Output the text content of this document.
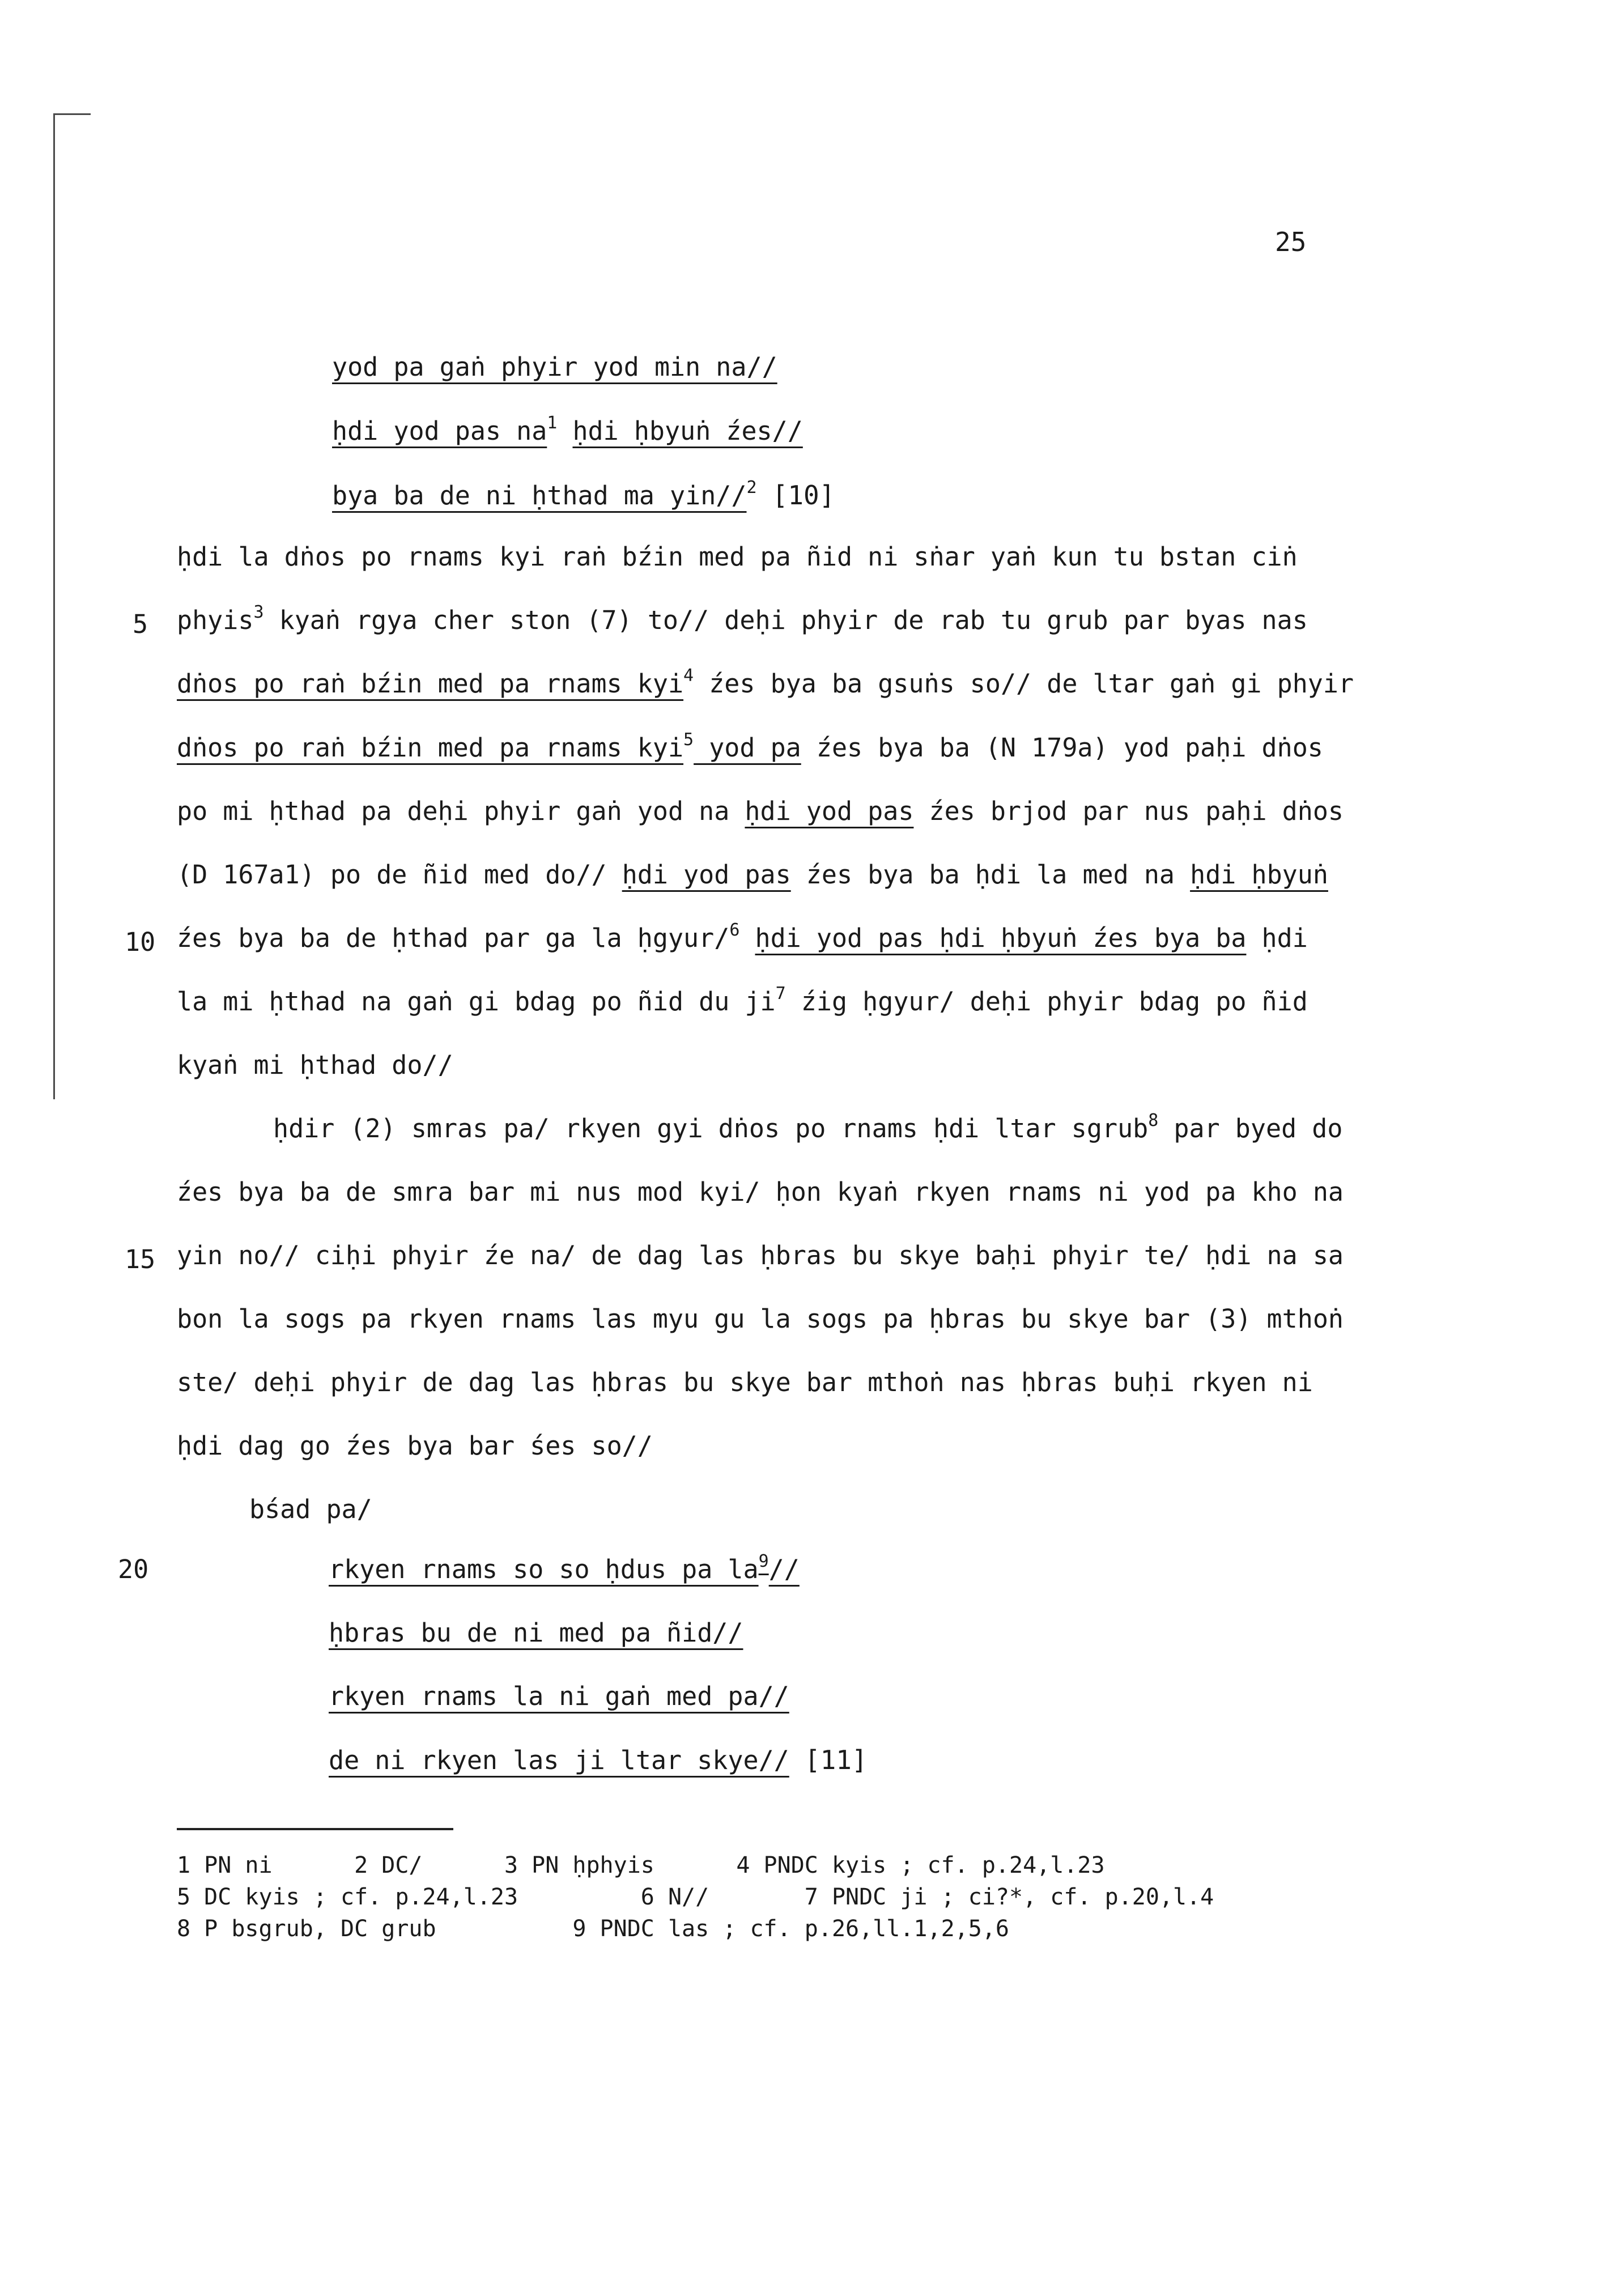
25
yod pa gaṅ phyir yod min na//
ḥdi yod pas $na^1$ ḥdi ḥbyuṅ źes//
bya ba de ni ḥthad ma yin//$^2$ [10]
ḥdi la dṅos po rnams kyi raṅ bźin med pa ñid ni sṅar yaṅ kun tu bstan ciṅ
5 phyis$^3$ kyaṅ rgya cher ston (7) to// deḥi phyir de rab tu grub par byas nas
dṅos po raṅ bźin med pa rnams kyi$^4$ źes bya ba gsuṅs so// de ltar gaṅ gi phyir
dṅos po raṅ bźin med pa rnams kyi$^5$ yod pa źes bya ba (N 179a) yod paḥi dṅos
po mi ḥthad pa deḥi phyir gaṅ yod na ḥdi yod pas źes brjod par nus paḥi dṅos
(D 167a1) po de ñid med do// ḥdi yod pas źes bya ba ḥdi la med na ḥdi ḥbyuṅ
10 źes bya ba de ḥthad par ga la ḥgyur/$^6$ ḥdi yod pas ḥdi ḥbyuṅ źes bya ba ḥdi
la mi ḥthad na gaṅ gi bdag po ñid du $ji^7$ źig ḥgyur/ deḥi phyir bdag po ñid
kyaṅ mi ḥthad do//
ḥdir (2) smras pa/ rkyen gyi dṅos po rnams ḥdi ltar sgrub$^8$ par byed do
źes bya ba de smra bar mi nus mod kyi/ ḥon kyaṅ rkyen rnams ni yod pa kho na
15 yin no// ciḥi phyir źe na/ de dag las ḥbras bu skye baḥi phyir te/ ḥdi na sa
bon la sogs pa rkyen rnams las myu gu la sogs pa ḥbras bu skye bar (3) mthoṅ
ste/ deḥi phyir de dag las ḥbras bu skye bar mthoṅ nas ḥbras buḥi rkyen ni
ḥdi dag go źes bya bar śes so//
bśad pa/
20	rkyen rnams so so ḥdus pa $la^9//$
ḥbras bu de ni med pa ñid//
rkyen rnams la ni gaṅ med pa//
de ni rkyen las ji ltar skye// [11]
1 PN ni      2 DC/      3 PN ḥphyis      4 PNDC kyis ; cf. p.24,l.23
5 DC kyis ; cf. p.24,l.23         6 N//       7 PNDC ji ; ci?*, cf. p.20,l.4
8 P bsgrub, DC grub          9 PNDC las ; cf. p.26,ll.1,2,5,6
